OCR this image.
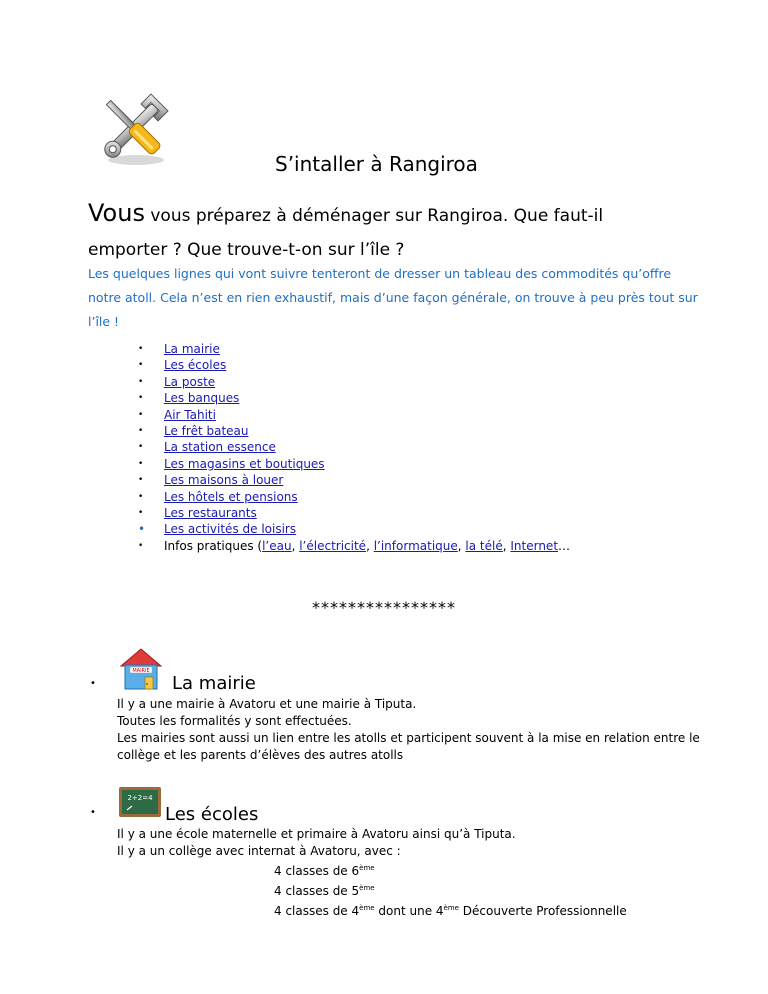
S’intaller à Rangiroa
Vous vous préparez à déménager sur Rangiroa. Que faut-il
emporter ? Que trouve-t-on sur l’île ?
Les quelques lignes qui vont suivre tenteront de dresser un tableau des commodités qu’offre notre atoll. Cela n’est en rien exhaustif, mais d’une façon générale, on trouve à peu près tout sur l’île !
• La mairie
• Les écoles
• La poste
• Les banques
• Air Tahiti
• Le frêt bateau
• La station essence
• Les magasins et boutiques
• Les maisons à louer
• Les hôtels et pensions
• Les restaurants
• Les activités de loisirs
• Infos pratiques (l’eau, l’électricité, l’informatique, la télé, Internet…
****************
•
MAIRIE
La mairie

Il y a une mairie à Avatoru et une mairie à Tiputa.

Toutes les formalités y sont effectuées.

Les mairies sont aussi un lien entre les atolls et participent souvent à la mise en relation entre le collège et les parents d’élèves des autres atolls

•
2+2=4
Les écoles

Il y a une école maternelle et primaire à Avatoru ainsi qu’à Tiputa.

Il y a un collège avec internat à Avatoru, avec :

4 classes de 6ème

4 classes de 5ème

4 classes de 4ème dont une 4ème Découverte Professionnelle
